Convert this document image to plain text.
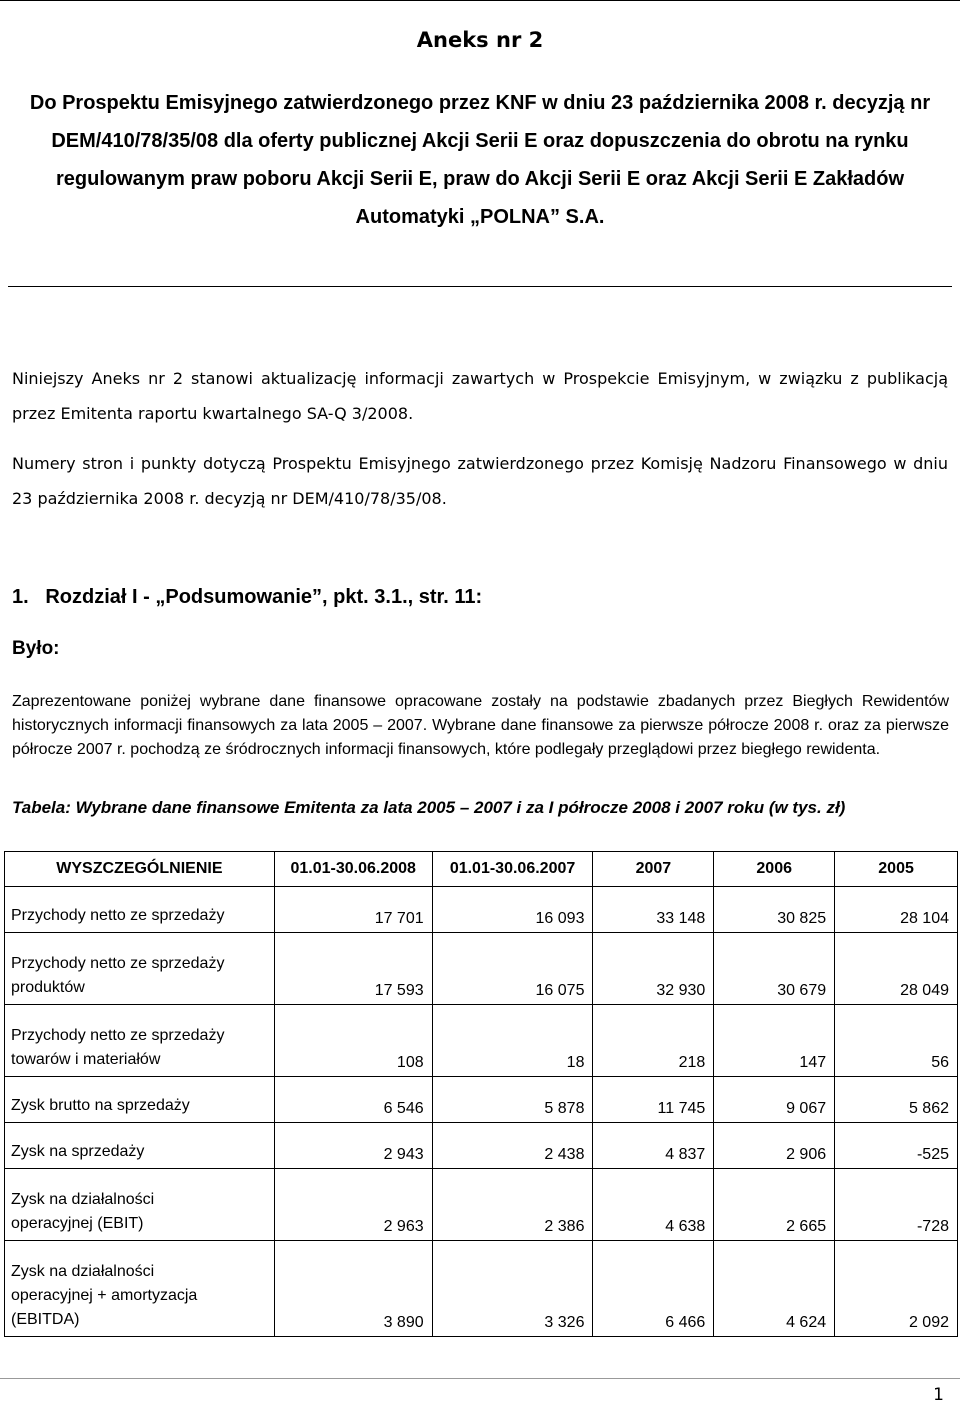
Aneks nr 2
Do Prospektu Emisyjnego zatwierdzonego przez KNF w dniu 23 października 2008 r. decyzją nr DEM/410/78/35/08 dla oferty publicznej Akcji Serii E oraz dopuszczenia do obrotu na rynku regulowanym praw poboru Akcji Serii E, praw do Akcji Serii E oraz Akcji Serii E Zakładów Automatyki „POLNA” S.A.
Niniejszy Aneks nr 2 stanowi aktualizację informacji zawartych w Prospekcie Emisyjnym, w związku z publikacją przez Emitenta raportu kwartalnego SA-Q 3/2008.
Numery stron i punkty dotyczą Prospektu Emisyjnego zatwierdzonego przez Komisję Nadzoru Finansowego w dniu 23 października 2008 r. decyzją nr DEM/410/78/35/08.
1.   Rozdział I - „Podsumowanie”, pkt. 3.1., str. 11:
Było:
Zaprezentowane poniżej wybrane dane finansowe opracowane zostały na podstawie zbadanych przez Biegłych Rewidentów historycznych informacji finansowych za lata 2005 – 2007. Wybrane dane finansowe za pierwsze półrocze 2008 r. oraz za pierwsze półrocze 2007 r. pochodzą ze śródrocznych informacji finansowych, które podlegały przeglądowi przez biegłego rewidenta.
Tabela: Wybrane dane finansowe Emitenta za lata 2005 – 2007 i za I półrocze 2008 i 2007 roku (w tys. zł)
WYSZCZEGÓLNIENIE	01.01-30.06.2008	01.01-30.06.2007	2007	2006	2005

Przychody netto ze sprzedaży	17 701	16 093	33 148	30 825	28 104

Przychody netto ze sprzedaży
produktów	17 593	16 075	32 930	30 679	28 049

Przychody netto ze sprzedaży
towarów i materiałów	108	18	218	147	56

Zysk brutto na sprzedaży	6 546	5 878	11 745	9 067	5 862

Zysk na sprzedaży	2 943	2 438	4 837	2 906	-525

Zysk na działalności
operacyjnej (EBIT)	2 963	2 386	4 638	2 665	-728

Zysk na działalności
operacyjnej + amortyzacja
(EBITDA)	3 890	3 326	6 466	4 624	2 092
1
